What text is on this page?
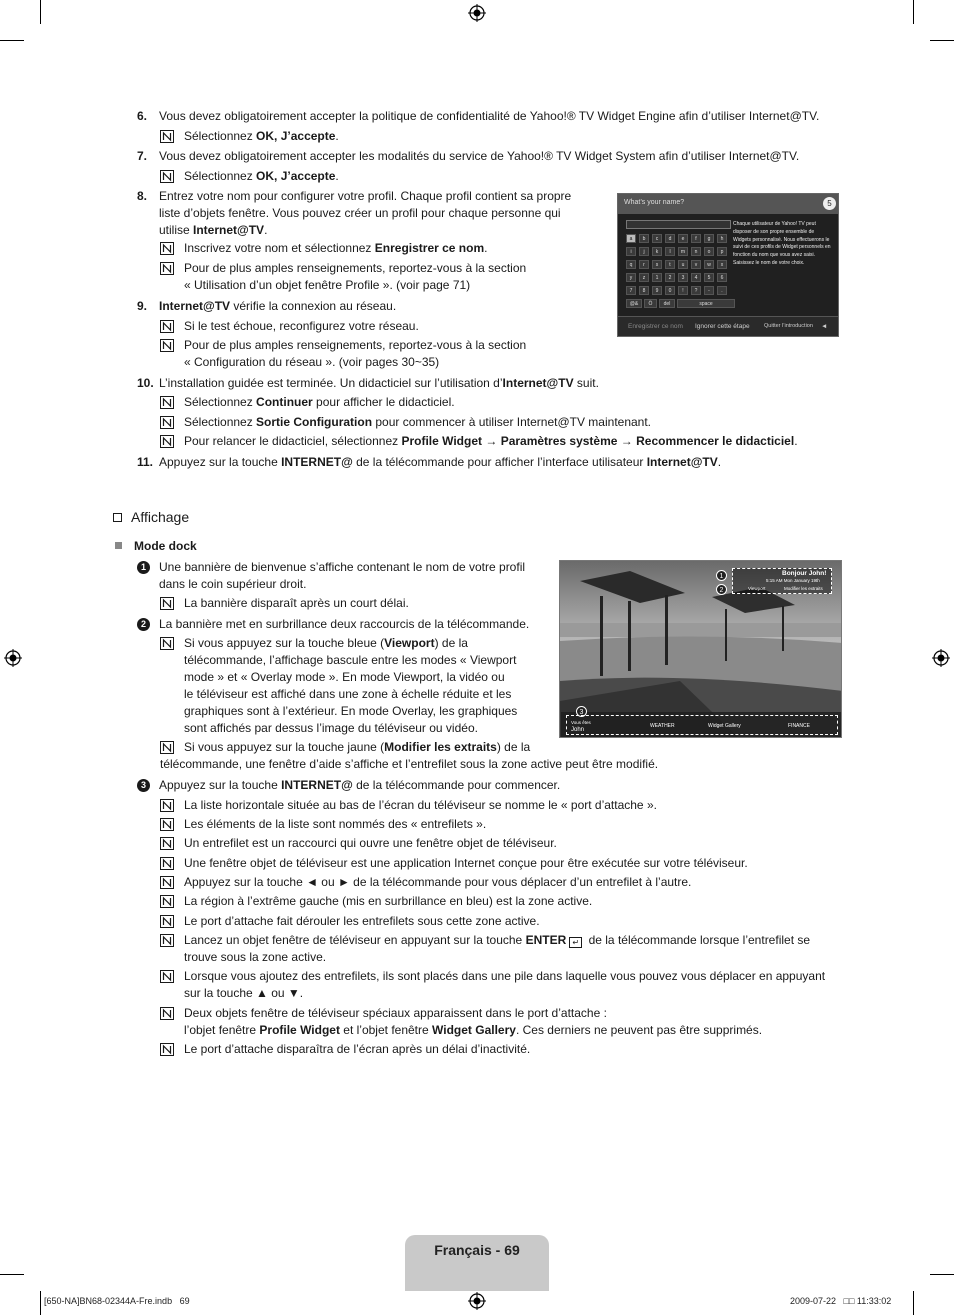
6. Vous devez obligatoirement accepter la politique de confidentialité de Yahoo!® TV Widget Engine afin d’utiliser Internet@TV.
Sélectionnez OK, J’accepte.
7. Vous devez obligatoirement accepter les modalités du service de Yahoo!® TV Widget System afin d’utiliser Internet@TV.
Sélectionnez OK, J’accepte.
8. Entrez votre nom pour configurer votre profil. Chaque profil contient sa propre
liste d’objets fenêtre. Vous pouvez créer un profil pour chaque personne qui
utilise Internet@TV.
Inscrivez votre nom et sélectionnez Enregistrer ce nom.
Pour de plus amples renseignements, reportez-vous à la section
« Utilisation d’un objet fenêtre Profile ». (voir page 71)
9. Internet@TV vérifie la connexion au réseau.
Si le test échoue, reconfigurez votre réseau.
Pour de plus amples renseignements, reportez-vous à la section
« Configuration du réseau ». (voir pages 30~35)
10. L’installation guidée est terminée. Un didacticiel sur l’utilisation d’Internet@TV suit.
Sélectionnez Continuer pour afficher le didacticiel.
Sélectionnez Sortie Configuration pour commencer à utiliser Internet@TV maintenant.
Pour relancer le didacticiel, sélectionnez Profile Widget → Paramètres système → Recommencer le didacticiel.
11. Appuyez sur la touche INTERNET@ de la télécommande pour afficher l’interface utilisateur Internet@TV.
What’s your name?	5
a	b	c	d	e	f	g	h
i	j	k	l	m	n	o	p
q	r	s	t	u	v	w	x
y	z	1	2	3	4	5	6
7	8	9	0	!	?	-	.
@&	Ö	del	space
Chaque utilisateur de Yahoo! TV peut disposer de son propre ensemble de Widgets personnalisé. Nous effectuerons le suivi de ces profils de Widget personnels en fonction du nom que vous avez saisi. Saisissez le nom de votre choix.
Enregistrer ce nom Ignorer cette étape	Quitter l’introduction ◄
Affichage
Mode dock
1	Une bannière de bienvenue s’affiche contenant le nom de votre profil
dans le coin supérieur droit.
La bannière disparaît après un court délai.
2	La bannière met en surbrillance deux raccourcis de la télécommande.
Si vous appuyez sur la touche bleue (Viewport) de la
télécommande, l’affichage bascule entre les modes « Viewport
mode » et « Overlay mode ». En mode Viewport, la vidéo ou
le téléviseur est affiché dans une zone à échelle réduite et les
graphiques sont à l’extérieur. En mode Overlay, les graphiques
sont affichés par dessus l’image du téléviseur ou vidéo.
Si vous appuyez sur la touche jaune (Modifier les extraits) de la
télécommande, une fenêtre d’aide s’affiche et l’entrefilet sous la zone active peut être modifié.
Bonjour John!
5:15 AM Mon January 19th
Viewport	Modifier les extraits
1
2
3
Vous êtes
John
WEATHER	Widget Gallery	FINANCE
3	Appuyez sur la touche INTERNET@ de la télécommande pour commencer.
La liste horizontale située au bas de l’écran du téléviseur se nomme le « port d’attache ».
Les éléments de la liste sont nommés des « entrefilets ».
Un entrefilet est un raccourci qui ouvre une fenêtre objet de téléviseur.
Une fenêtre objet de téléviseur est une application Internet conçue pour être exécutée sur votre téléviseur.
Appuyez sur la touche ◄ ou ► de la télécommande pour vous déplacer d’un entrefilet à l’autre.
La région à l’extrême gauche (mis en surbrillance en bleu) est la zone active.
Le port d’attache fait dérouler les entrefilets sous cette zone active.
Lancez un objet fenêtre de téléviseur en appuyant sur la touche ENTER ↵ de la télécommande lorsque l’entrefilet se
trouve sous la zone active.
Lorsque vous ajoutez des entrefilets, ils sont placés dans une pile dans laquelle vous pouvez vous déplacer en appuyant
sur la touche ▲ ou ▼.
Deux objets fenêtre de téléviseur spéciaux apparaissent dans le port d’attache :
l’objet fenêtre Profile Widget et l’objet fenêtre Widget Gallery. Ces derniers ne peuvent pas être supprimés.
Le port d’attache disparaîtra de l’écran après un délai d’inactivité.
Français - 69
[650-NA]BN68-02344A-Fre.indb   69	2009-07-22   □□ 11:33:02
